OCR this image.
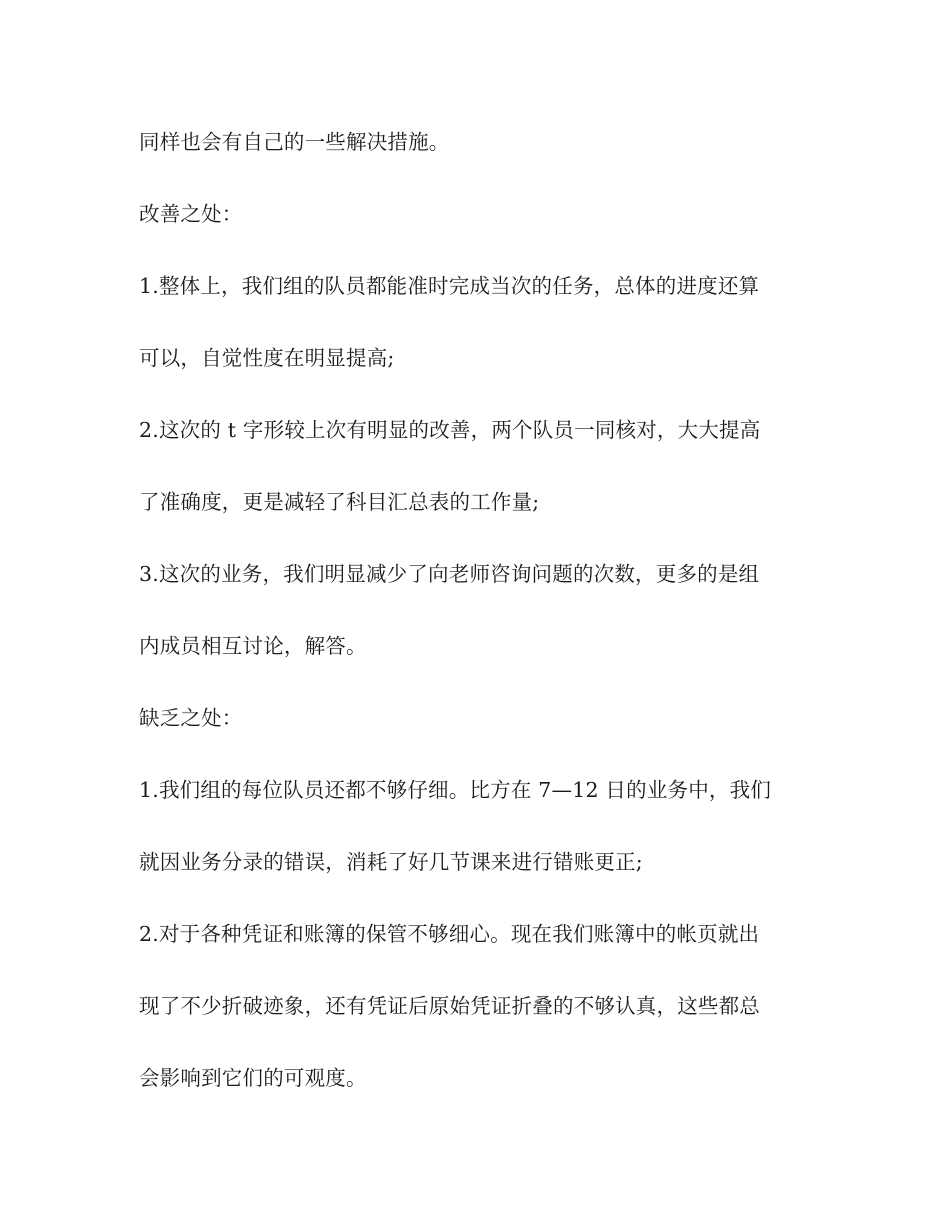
同样也会有自己的一些解决措施。
改善之处：
1.整体上，我们组的队员都能准时完成当次的任务，总体的进度还算
可以，自觉性度在明显提高;
2.这次的 t 字形较上次有明显的改善，两个队员一同核对，大大提高
了准确度，更是减轻了科目汇总表的工作量;
3.这次的业务，我们明显减少了向老师咨询问题的次数，更多的是组
内成员相互讨论，解答。
缺乏之处：
1.我们组的每位队员还都不够仔细。比方在 7—12 日的业务中，我们
就因业务分录的错误，消耗了好几节课来进行错账更正;
2.对于各种凭证和账簿的保管不够细心。现在我们账簿中的帐页就出
现了不少折破迹象，还有凭证后原始凭证折叠的不够认真，这些都总
会影响到它们的可观度。
